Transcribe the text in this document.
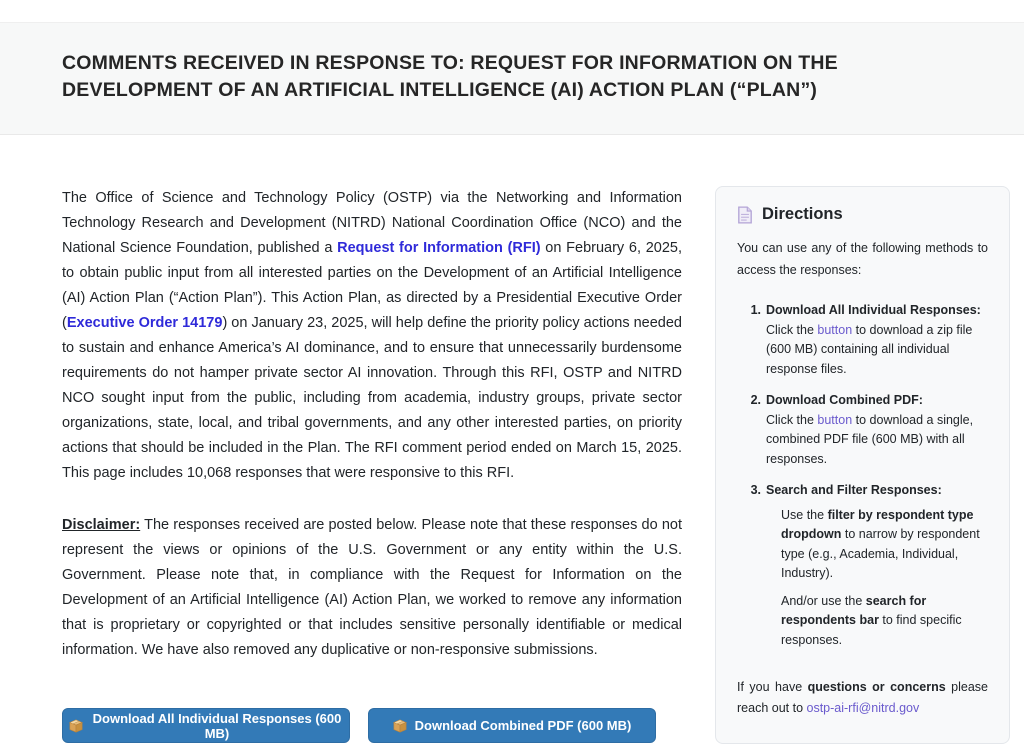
COMMENTS RECEIVED IN RESPONSE TO: REQUEST FOR INFORMATION ON THE DEVELOPMENT OF AN ARTIFICIAL INTELLIGENCE (AI) ACTION PLAN (“PLAN”)

The Office of Science and Technology Policy (OSTP) via the Networking and Information Technology Research and Development (NITRD) National Coordination Office (NCO) and the National Science Foundation, published a Request for Information (RFI) on February 6, 2025, to obtain public input from all interested parties on the Development of an Artificial Intelligence (AI) Action Plan (“Action Plan”). This Action Plan, as directed by a Presidential Executive Order (Executive Order 14179) on January 23, 2025, will help define the priority policy actions needed to sustain and enhance America’s AI dominance, and to ensure that unnecessarily burdensome requirements do not hamper private sector AI innovation. Through this RFI, OSTP and NITRD NCO sought input from the public, including from academia, industry groups, private sector organizations, state, local, and tribal governments, and any other interested parties, on priority actions that should be included in the Plan. The RFI comment period ended on March 15, 2025. This page includes 10,068 responses that were responsive to this RFI.

Disclaimer: The responses received are posted below. Please note that these responses do not represent the views or opinions of the U.S. Government or any entity within the U.S. Government. Please note that, in compliance with the Request for Information on the Development of an Artificial Intelligence (AI) Action Plan, we worked to remove any information that is proprietary or copyrighted or that includes sensitive personally identifiable or medical information. We have also removed any duplicative or non-responsive submissions.

Download All Individual Responses (600 MB)	Download Combined PDF (600 MB)
Directions

You can use any of the following methods to access the responses:

1. Download All Individual Responses:
Click the button to download a zip file (600 MB) containing all individual response files.
2. Download Combined PDF:
Click the button to download a single, combined PDF file (600 MB) with all responses.
3. Search and Filter Responses:
Use the filter by respondent type dropdown to narrow by respondent type (e.g., Academia, Individual, Industry).
And/or use the search for respondents bar to find specific responses.

If you have questions or concerns please reach out to ostp-ai-rfi@nitrd.gov
